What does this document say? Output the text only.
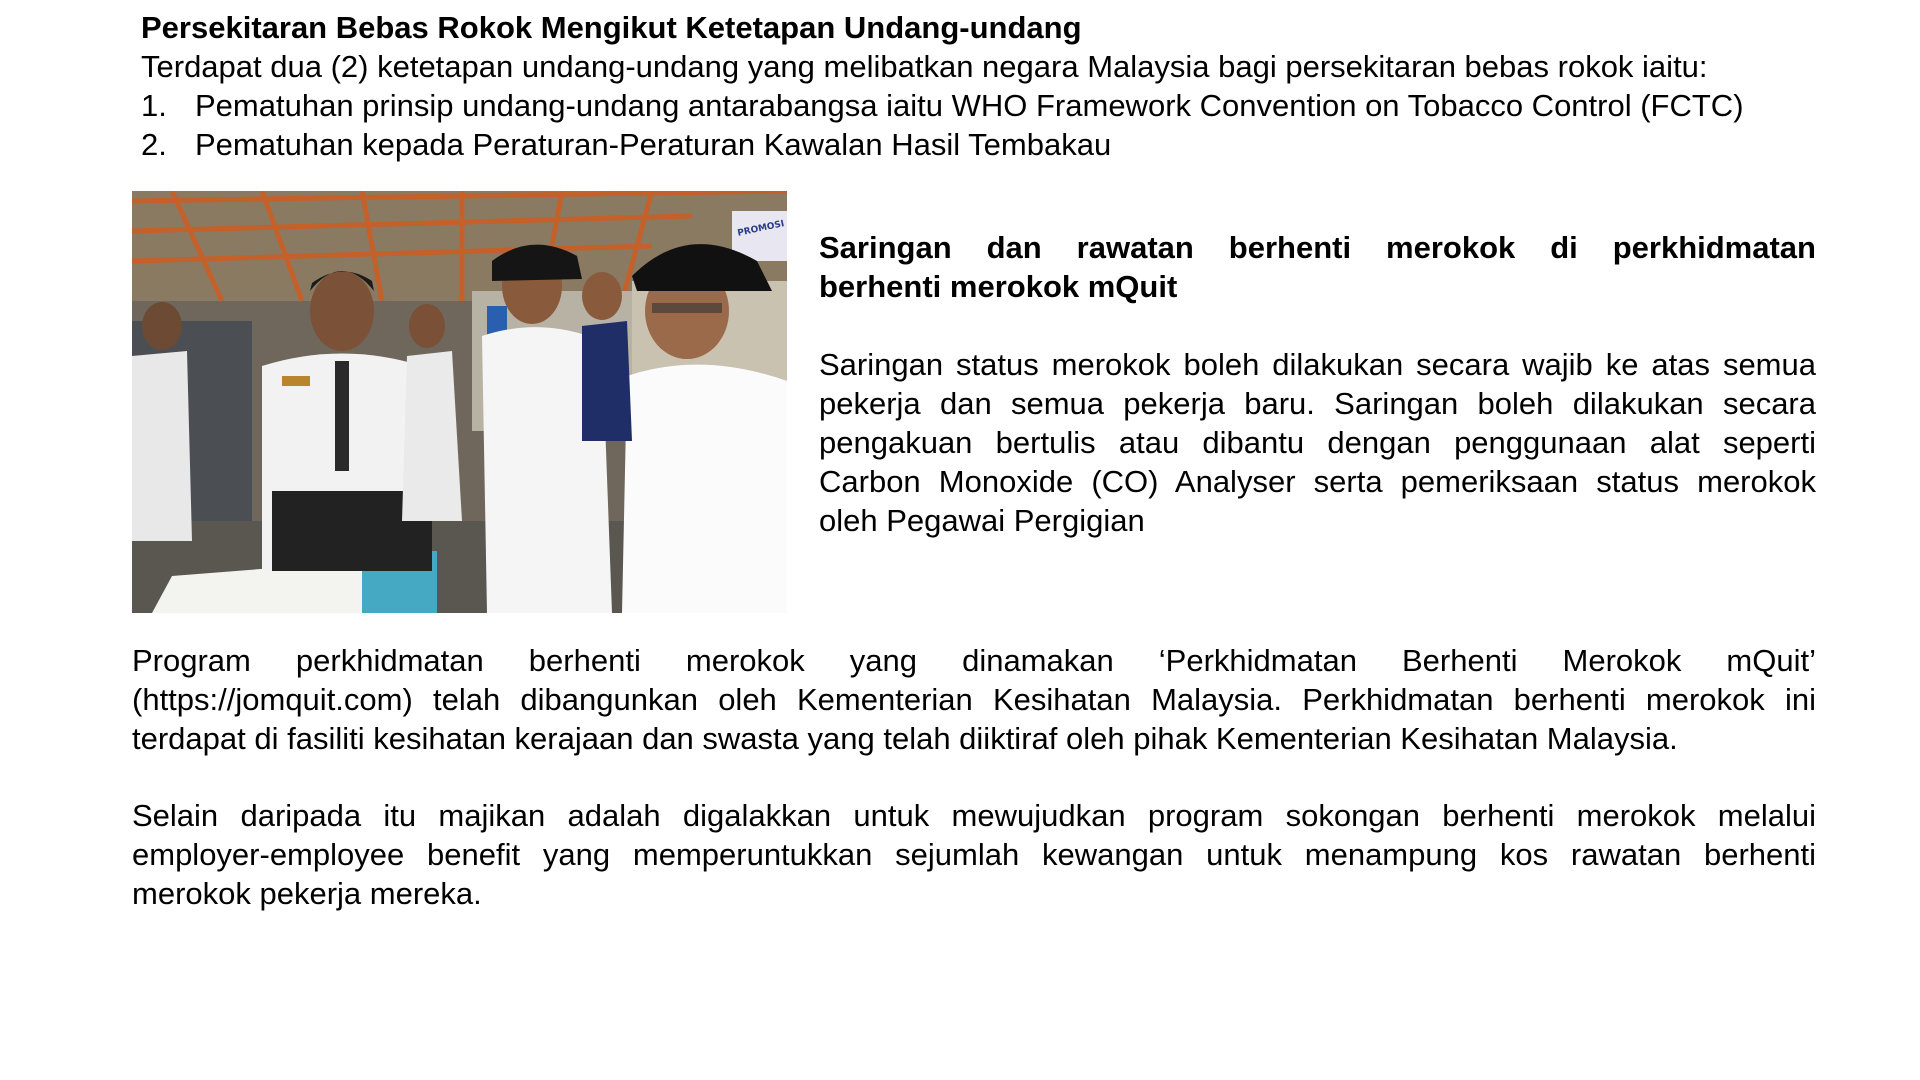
Persekitaran Bebas Rokok Mengikut Ketetapan Undang-undang

Terdapat dua (2) ketetapan undang-undang yang melibatkan negara Malaysia bagi persekitaran bebas rokok iaitu:

1. Pematuhan prinsip undang-undang antarabangsa iaitu WHO Framework Convention on Tobacco Control (FCTC)
2. Pematuhan kepada Peraturan-Peraturan Kawalan Hasil Tembakau
PROMOSI
Saringan dan rawatan berhenti merokok di perkhidmatan
berhenti merokok mQuit
Saringan status merokok boleh dilakukan secara wajib ke atas semua
pekerja dan semua pekerja baru. Saringan boleh dilakukan secara
pengakuan bertulis atau dibantu dengan penggunaan alat seperti
Carbon Monoxide (CO) Analyser serta pemeriksaan status merokok
oleh Pegawai Pergigian
Program perkhidmatan berhenti merokok yang dinamakan ‘Perkhidmatan Berhenti Merokok mQuit’
(https://jomquit.com) telah dibangunkan oleh Kementerian Kesihatan Malaysia. Perkhidmatan berhenti merokok ini
terdapat di fasiliti kesihatan kerajaan dan swasta yang telah diiktiraf oleh pihak Kementerian Kesihatan Malaysia.
Selain daripada itu majikan adalah digalakkan untuk mewujudkan program sokongan berhenti merokok melalui
employer-employee benefit yang memperuntukkan sejumlah kewangan untuk menampung kos rawatan berhenti
merokok pekerja mereka.
